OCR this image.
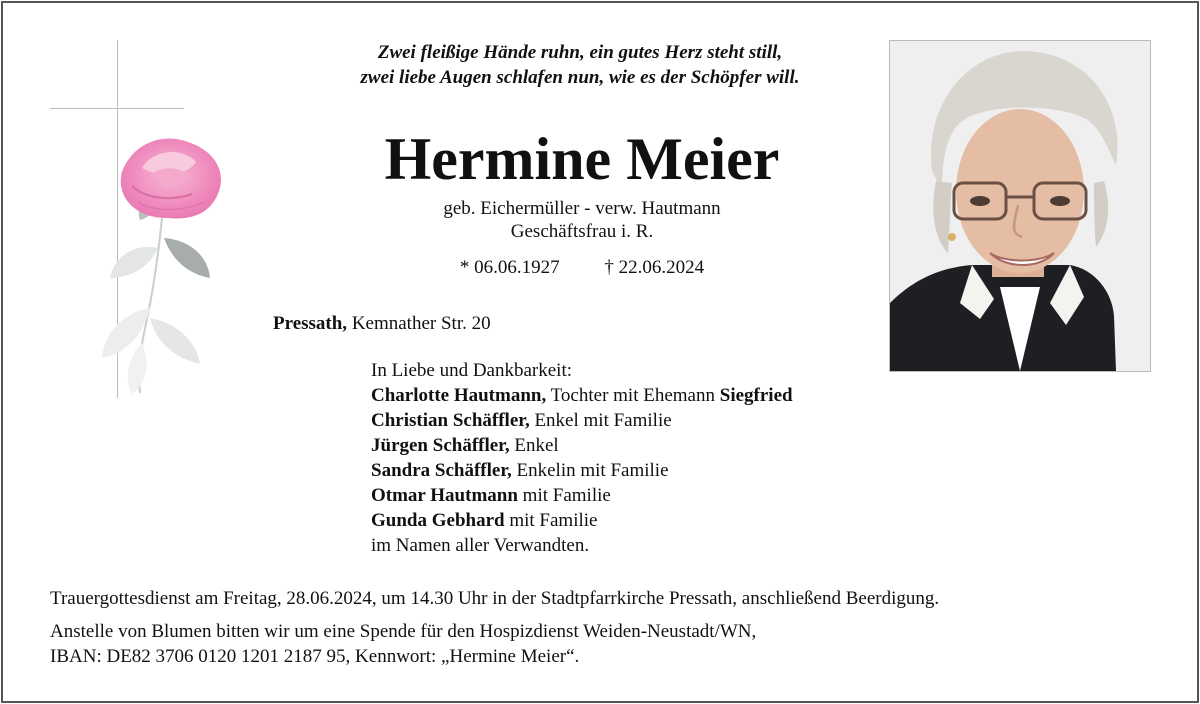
Zwei fleißige Hände ruhn, ein gutes Herz steht still,
zwei liebe Augen schlafen nun, wie es der Schöpfer will.
Hermine Meier
geb. Eichermüller - verw. Hautmann
Geschäftsfrau i. R.
* 06.06.1927 † 22.06.2024
Pressath, Kemnather Str. 20
In Liebe und Dankbarkeit:
Charlotte Hautmann, Tochter mit Ehemann Siegfried
Christian Schäffler, Enkel mit Familie
Jürgen Schäffler, Enkel
Sandra Schäffler, Enkelin mit Familie
Otmar Hautmann mit Familie
Gunda Gebhard mit Familie
im Namen aller Verwandten.
Trauergottesdienst am Freitag, 28.06.2024, um 14.30 Uhr in der Stadtpfarrkirche Pressath, anschließend Beerdigung.
Anstelle von Blumen bitten wir um eine Spende für den Hospizdienst Weiden-Neustadt/WN,
IBAN: DE82 3706 0120 1201 2187 95, Kennwort: „Hermine Meier“.
